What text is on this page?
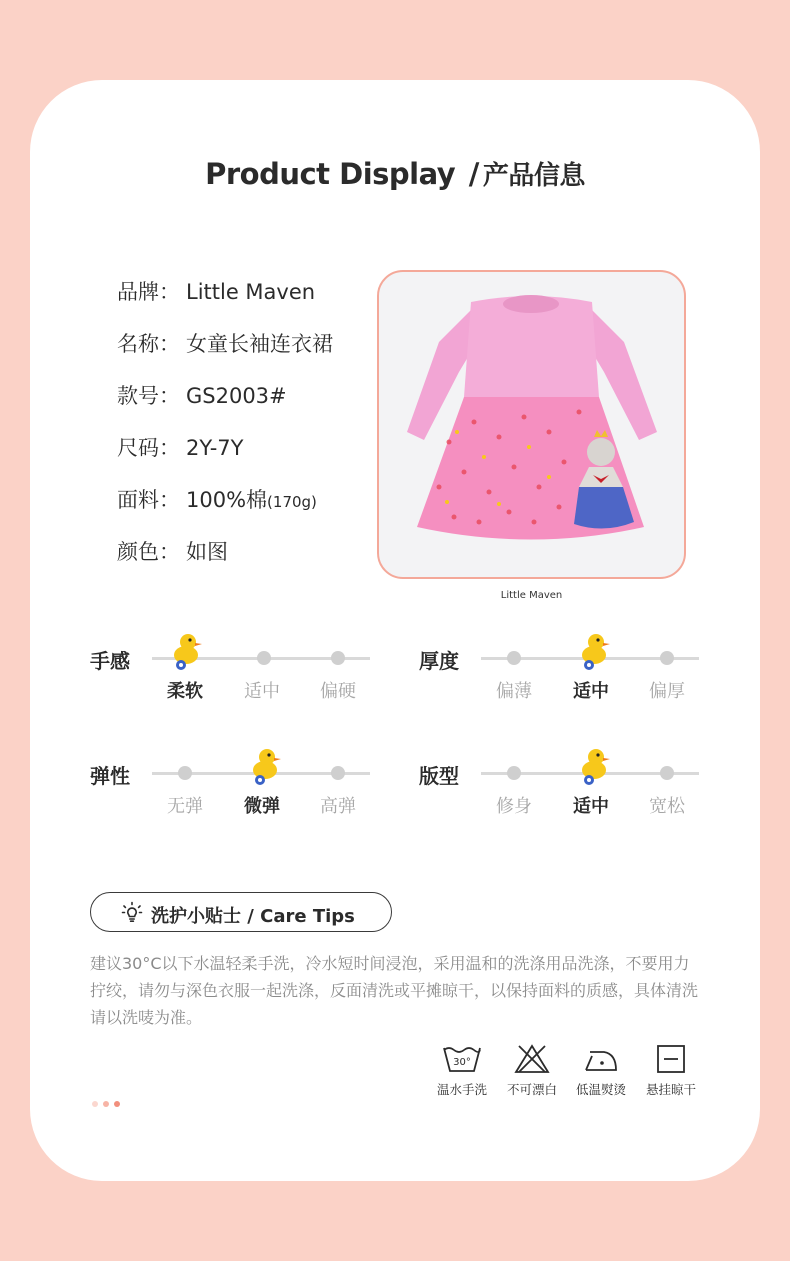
Product Display / 产品信息
品牌： Little Maven
名称： 女童长袖连衣裙
款号： GS2003#
尺码： 2Y-7Y
面料： 100%棉(170g)
颜色： 如图
Little Maven
手感
柔软	适中	偏硬
厚度
偏薄	适中	偏厚
弹性
无弹	微弹	高弹
版型
修身	适中	宽松
洗护小贴士 / Care Tips
建议30°C以下水温轻柔手洗，冷水短时间浸泡，采用温和的洗涤用品洗涤，不要用力拧绞，请勿与深色衣服一起洗涤，反面清洗或平摊晾干，以保持面料的质感，具体清洗请以洗唛为准。
30°
温水手洗	不可漂白	低温熨烫	悬挂晾干
